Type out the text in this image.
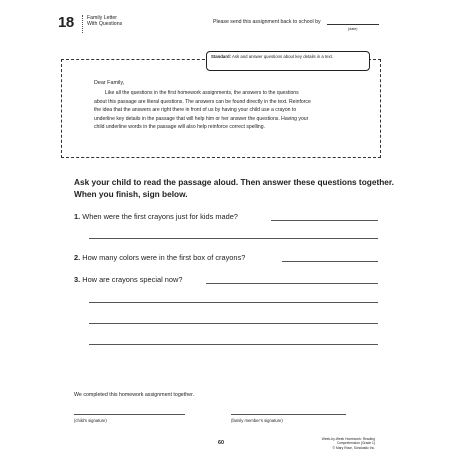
18	Family Letter
With Questions	Please send this assignment back to school by
(date)
Standard: Ask and answer questions about key details in a text.
Dear Family,
Like all the questions in the first homework assignments, the answers to the questions
about this passage are literal questions. The answers can be found directly in the text. Reinforce
the idea that the answers are right there in front of us by having your child use a crayon to
underline key details in the passage that will help him or her answer the questions. Having your
child underline words in the passage will also help reinforce correct spelling.
Ask your child to read the passage aloud. Then answer these questions together. When you finish, sign below.
1. When were the first crayons just for kids made?
2. How many colors were in the first box of crayons?
3. How are crayons special now?
We completed this homework assignment together.
(child’s signature)	(family member’s signature)
60
Week-by-Week Homework: Reading Comprehension (Grade 1)
© Mary Rose, Scholastic Inc.
